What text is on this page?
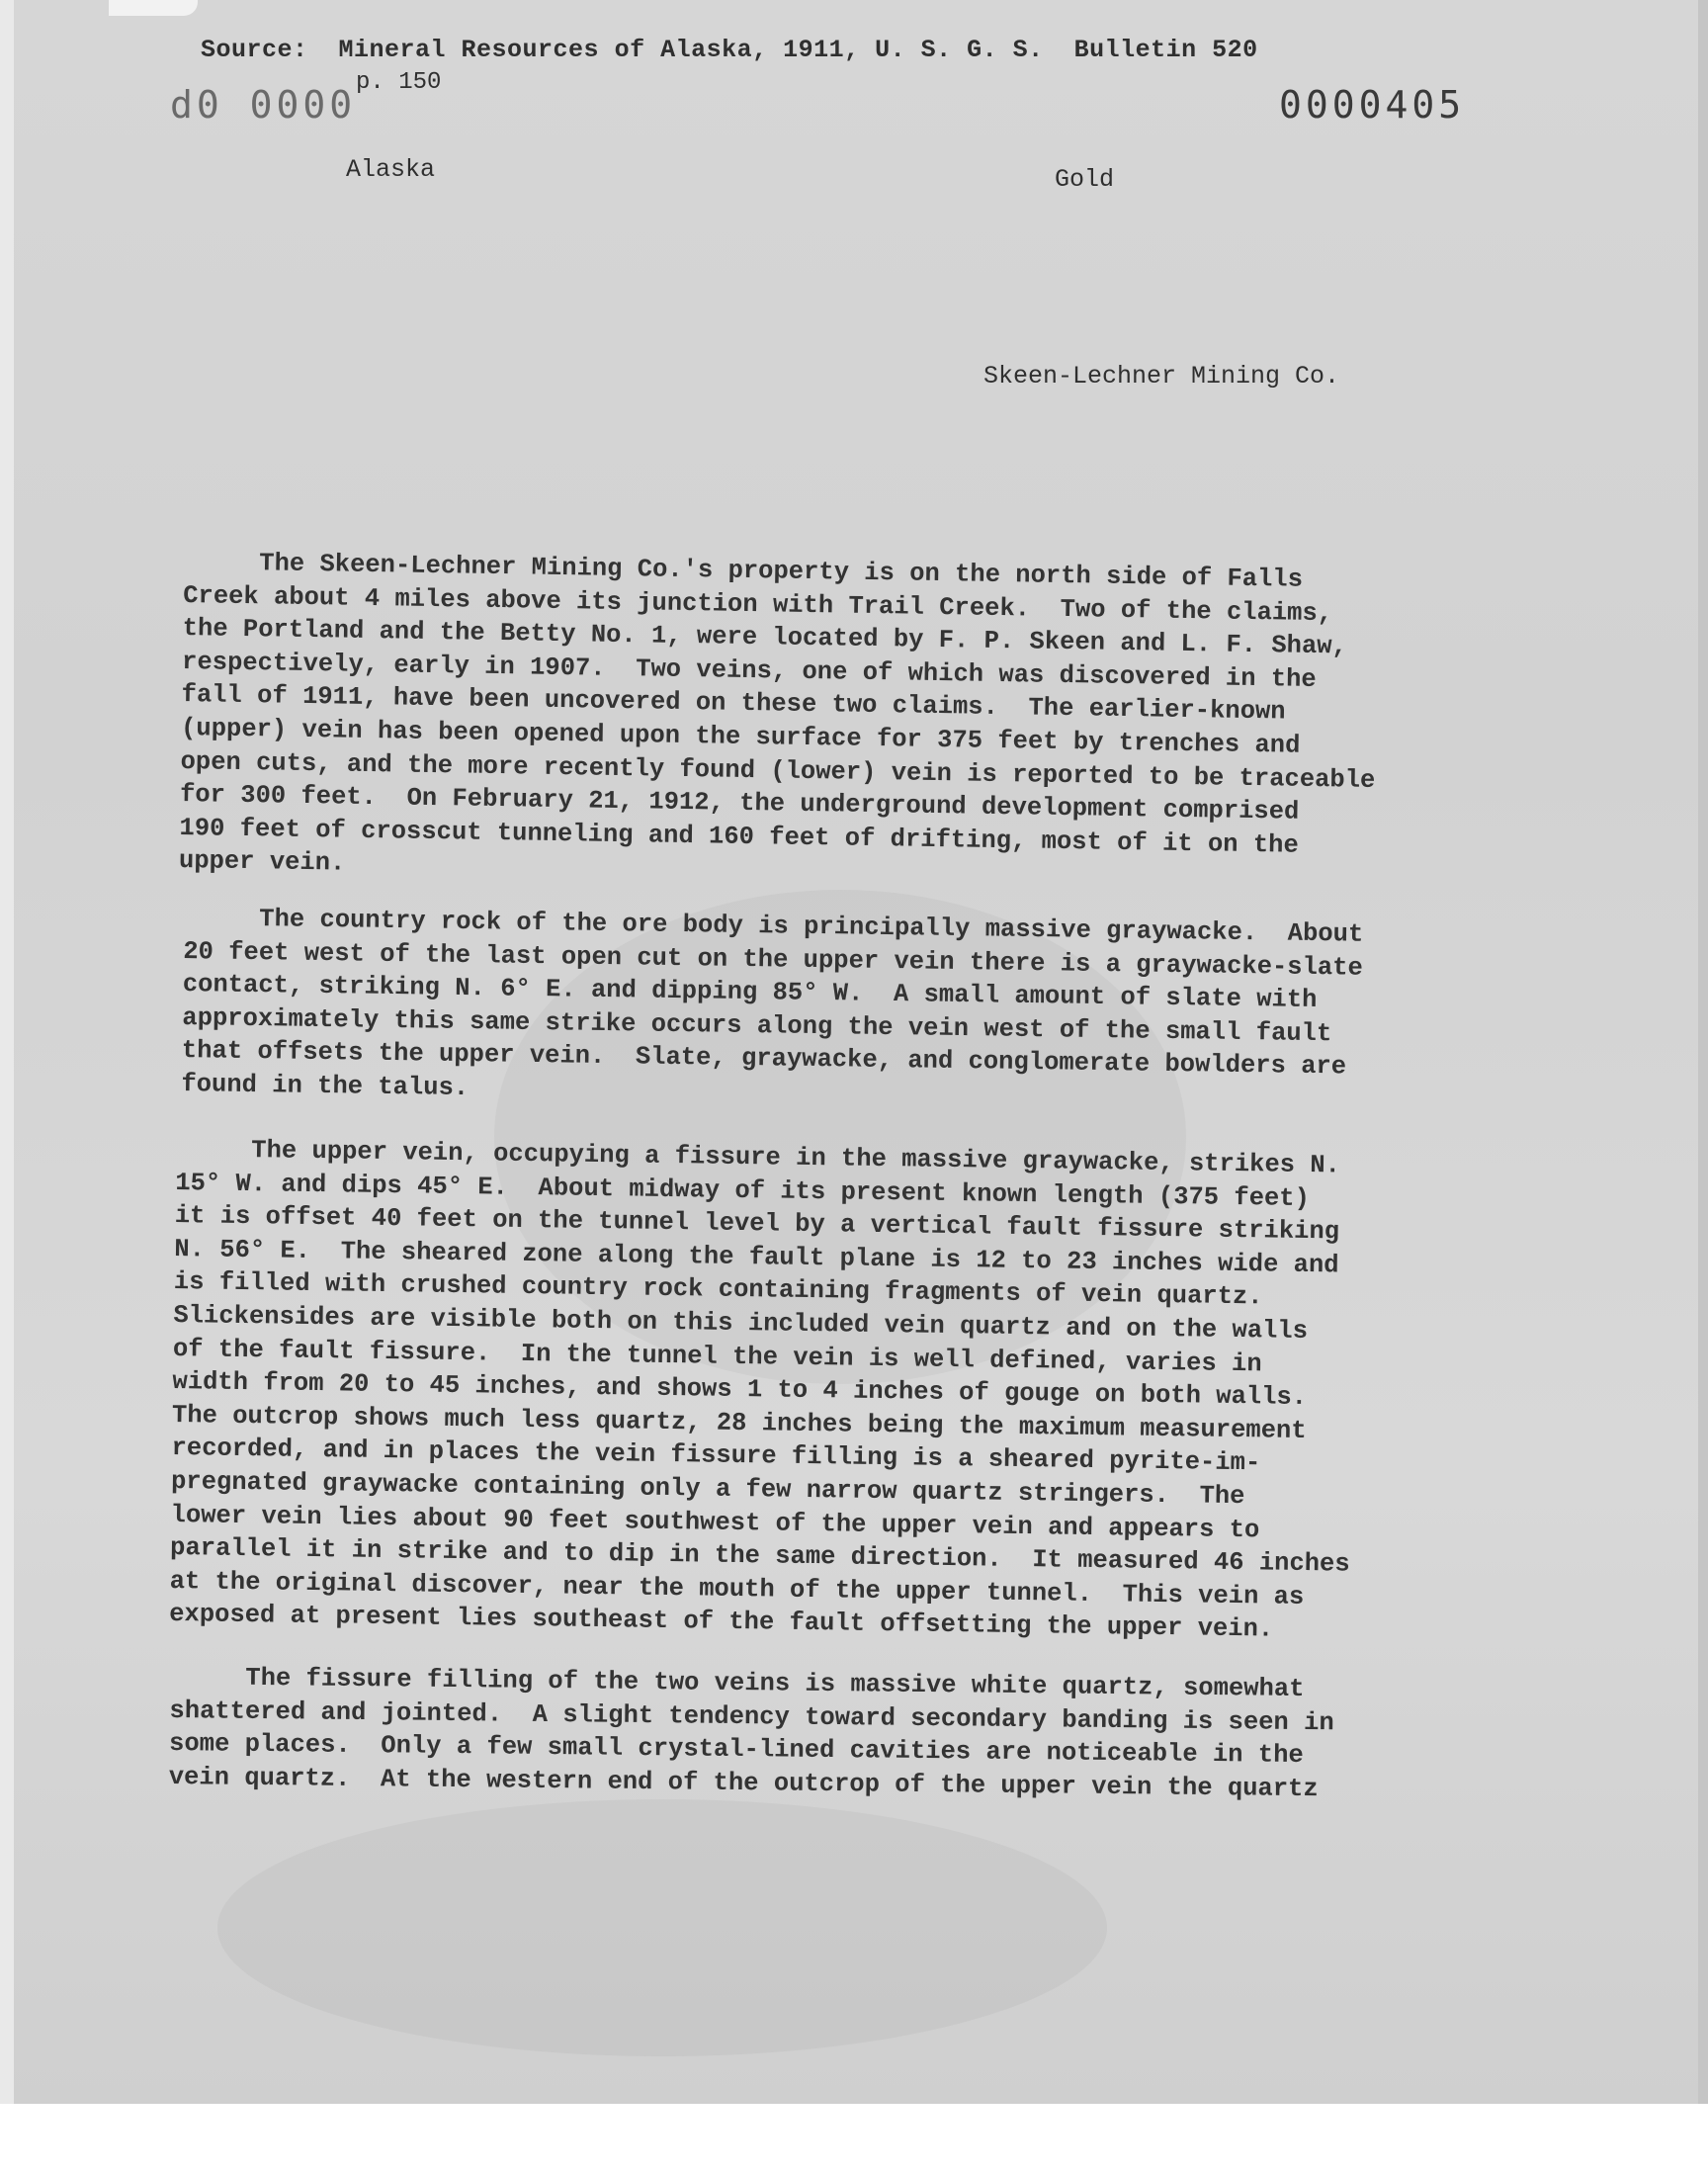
Source:  Mineral Resources of Alaska, 1911, U. S. G. S.  Bulletin 520
p. 150
d0 0000	0000405
Alaska	Gold
Skeen-Lechner Mining Co.
The Skeen-Lechner Mining Co.'s property is on the north side of Falls
Creek about 4 miles above its junction with Trail Creek.  Two of the claims,
the Portland and the Betty No. 1, were located by F. P. Skeen and L. F. Shaw,
respectively, early in 1907.  Two veins, one of which was discovered in the
fall of 1911, have been uncovered on these two claims.  The earlier-known
(upper) vein has been opened upon the surface for 375 feet by trenches and
open cuts, and the more recently found (lower) vein is reported to be traceable
for 300 feet.  On February 21, 1912, the underground development comprised
190 feet of crosscut tunneling and 160 feet of drifting, most of it on the
upper vein.
The country rock of the ore body is principally massive graywacke.  About
20 feet west of the last open cut on the upper vein there is a graywacke-slate
contact, striking N. 6° E. and dipping 85° W.  A small amount of slate with
approximately this same strike occurs along the vein west of the small fault
that offsets the upper vein.  Slate, graywacke, and conglomerate bowlders are
found in the talus.
The upper vein, occupying a fissure in the massive graywacke, strikes N.
15° W. and dips 45° E.  About midway of its present known length (375 feet)
it is offset 40 feet on the tunnel level by a vertical fault fissure striking
N. 56° E.  The sheared zone along the fault plane is 12 to 23 inches wide and
is filled with crushed country rock containing fragments of vein quartz.
Slickensides are visible both on this included vein quartz and on the walls
of the fault fissure.  In the tunnel the vein is well defined, varies in
width from 20 to 45 inches, and shows 1 to 4 inches of gouge on both walls.
The outcrop shows much less quartz, 28 inches being the maximum measurement
recorded, and in places the vein fissure filling is a sheared pyrite-im-
pregnated graywacke containing only a few narrow quartz stringers.  The
lower vein lies about 90 feet southwest of the upper vein and appears to
parallel it in strike and to dip in the same direction.  It measured 46 inches
at the original discover, near the mouth of the upper tunnel.  This vein as
exposed at present lies southeast of the fault offsetting the upper vein.
The fissure filling of the two veins is massive white quartz, somewhat
shattered and jointed.  A slight tendency toward secondary banding is seen in
some places.  Only a few small crystal-lined cavities are noticeable in the
vein quartz.  At the western end of the outcrop of the upper vein the quartz
